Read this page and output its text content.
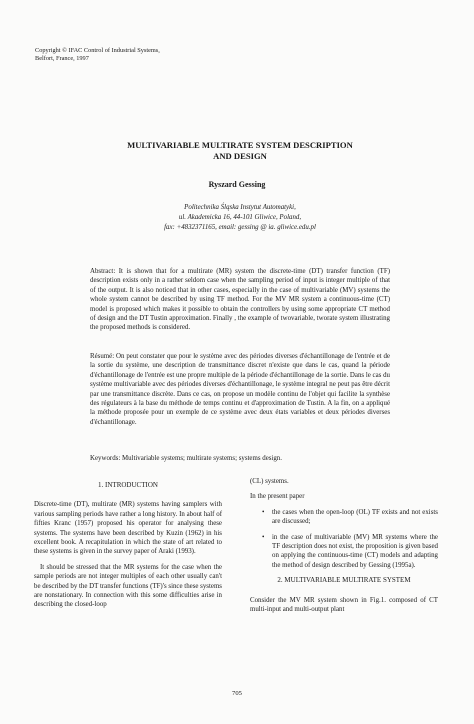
Copyright © IFAC Control of Industrial Systems,
Belfort, France, 1997
MULTIVARIABLE MULTIRATE SYSTEM DESCRIPTION
AND DESIGN
Ryszard Gessing
Politechnika Śląska Instytut Automatyki,
ul. Akademicka 16, 44-101 Gliwice, Poland,
fax: +4832371165, email: gessing @ ia. gliwice.edu.pl
Abstract: It is shown that for a multirate (MR) system the discrete-time (DT) transfer function (TF) description exists only in a rather seldom case when the sampling period of input is integer multiple of that of the output. It is also noticed that in other cases, especially in the case of multivariable (MV) systems the whole system cannot be described by using TF method. For the MV MR system a continuous-time (CT) model is proposed which makes it possible to obtain the controllers by using some appropriate CT method of design and the DT Tustin approximation. Finally , the example of twovariable, tworate system illustrating the proposed methods is considered.
Résumé: On peut constater que pour le système avec des périodes diverses d'échantillonage de l'entrée et de la sortie du système, une description de transmittance discret n'existe que dans le cas, quand la période d'échantillonage de l'entrée est une propre multiple de la période d'échantillonage de la sortie. Dans le cas du système multivariable avec des périodes diverses d'échantillonage, le système integral ne peut pas être décrit par une transmittance discrète. Dans ce cas, on propose un modèle continu de l'objet qui facilite la synthèse des régulateurs à la base du méthode de temps continu et d'approximation de Tustin. A la fin, on a appliqué la méthode proposée pour un exemple de ce système avec deux états variables et deux périodes diverses d'échantillonage.
Keywords: Multivariable systems; multirate systems; systems design.
1. INTRODUCTION

Discrete-time (DT), multirate (MR) systems having samplers with various sampling periods have rather a long history. In about half of fifties Kranc (1957) proposed his operator for analysing these systems. The systems have been described by Kuzin (1962) in his excellent book. A recapitulation in which the state of art related to these systems is given in the survey paper of Araki (1993).

It should be stressed that the MR systems for the case when the sample periods are not integer multiples of each other usually can't be described by the DT transfer functions (TF)'s since these systems are nonstationary. In connection with this some difficulties arise in describing the closed-loop

(CL) systems.

In the present paper

•	the cases when the open-loop (OL) TF exists and not exists are discussed;
•	in the case of multivariable (MV) MR systems where the TF description does not exist, the proposition is given based on applying the continuous-time (CT) models and adapting the method of design described by Gessing (1995a).
2. MULTIVARIABLE MULTIRATE SYSTEM

Consider the MV MR system shown in Fig.1. composed of CT multi-input and multi-output plant

705
